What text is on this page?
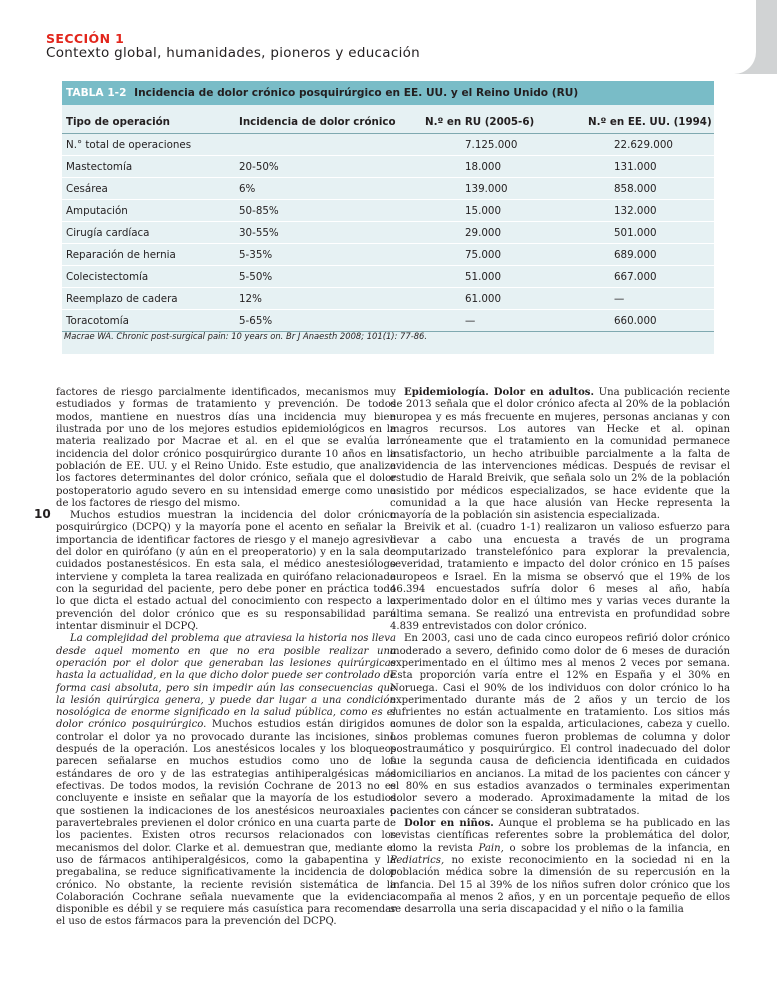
SECCIÓN 1
Contexto global, humanidades, pioneros y educación
TABLA 1-2 Incidencia de dolor crónico posquirúrgico en EE. UU. y el Reino Unido (RU)
Tipo de operación	Incidencia de dolor crónico	N.º en RU (2005-6)	N.º en EE. UU. (1994)
N.° total de operaciones		7.125.000	22.629.000
Mastectomía	20-50%	18.000	131.000
Cesárea	6%	139.000	858.000
Amputación	50-85%	15.000	132.000
Cirugía cardíaca	30-55%	29.000	501.000
Reparación de hernia	5-35%	75.000	689.000
Colecistectomía	5-50%	51.000	667.000
Reemplazo de cadera	12%	61.000	—
Toracotomía	5-65%	—	660.000
Macrae WA. Chronic post-surgical pain: 10 years on. Br J Anaesth 2008; 101(1): 77-86.
10

factores de riesgo parcialmente identificados, mecanismos muy estudiados y formas de tratamiento y prevención. De todos modos, mantiene en nuestros días una incidencia muy bien ilustrada por uno de los mejores estudios epidemiológicos en la materia realizado por Macrae et al. en el que se evalúa la incidencia del dolor crónico posquirúrgico durante 10 años en la población de EE. UU. y el Reino Unido. Este estudio, que analiza los factores determinantes del dolor crónico, señala que el dolor postoperatorio agudo severo en su intensidad emerge como uno de los factores de riesgo del mismo.

Muchos estudios muestran la incidencia del dolor crónico posquirúrgico (DCPQ) y la mayoría pone el acento en señalar la importancia de identificar factores de riesgo y el manejo agresivo del dolor en quirófano (y aún en el preoperatorio) y en la sala de cuidados postanestésicos. En esta sala, el médico anestesiólogo interviene y completa la tarea realizada en quirófano relacionada con la seguridad del paciente, pero debe poner en práctica todo lo que dicta el estado actual del conocimiento con respecto a la prevención del dolor crónico que es su responsabilidad para intentar disminuir el DCPQ.

La complejidad del problema que atraviesa la historia nos lleva desde aquel momento en que no era posible realizar una operación por el dolor que generaban las lesiones quirúrgicas hasta la actualidad, en la que dicho dolor puede ser controlado de forma casi absoluta, pero sin impedir aún las consecuencias que la lesión quirúrgica genera, y puede dar lugar a una condición nosológica de enorme significado en la salud pública, como es el dolor crónico posquirúrgico. Muchos estudios están dirigidos a controlar el dolor ya no provocado durante las incisiones, sino después de la operación. Los anestésicos locales y los bloqueos parecen señalarse en muchos estudios como uno de los estándares de oro y de las estrategias antihiperalgésicas más efectivas. De todos modos, la revisión Cochrane de 2013 no es concluyente e insiste en señalar que la mayoría de los estudios que sostienen la indicaciones de los anestésicos neuroaxiales o paravertebrales previenen el dolor crónico en una cuarta parte de los pacientes. Existen otros recursos relacionados con los mecanismos del dolor. Clarke et al. demuestran que, mediante el uso de fármacos antihiperalgésicos, como la gabapentina y la pregabalina, se reduce significativamente la incidencia de dolor crónico. No obstante, la reciente revisión sistemática de la Colaboración Cochrane señala nuevamente que la evidencia disponible es débil y se requiere más casuística para recomendar el uso de estos fármacos para la prevención del DCPQ.

Epidemiología. Dolor en adultos. Una publicación reciente de 2013 señala que el dolor crónico afecta al 20% de la población europea y es más frecuente en mujeres, personas ancianas y con magros recursos. Los autores van Hecke et al. opinan erróneamente que el tratamiento en la comunidad permanece insatisfactorio, un hecho atribuible parcialmente a la falta de evidencia de las intervenciones médicas. Después de revisar el estudio de Harald Breivik, que señala solo un 2% de la población asistido por médicos especializados, se hace evidente que la comunidad a la que hace alusión van Hecke representa la mayoría de la población sin asistencia especializada.

Breivik et al. (cuadro 1-1) realizaron un valioso esfuerzo para llevar a cabo una encuesta a través de un programa computarizado transtelefónico para explorar la prevalencia, severidad, tratamiento e impacto del dolor crónico en 15 países europeos e Israel. En la misma se observó que el 19% de los 46.394 encuestados sufría dolor 6 meses al año, había experimentado dolor en el último mes y varias veces durante la última semana. Se realizó una entrevista en profundidad sobre 4.839 entrevistados con dolor crónico.

En 2003, casi uno de cada cinco europeos refirió dolor crónico moderado a severo, definido como dolor de 6 meses de duración experimentado en el último mes al menos 2 veces por semana. Esta proporción varía entre el 12% en España y el 30% en Noruega. Casi el 90% de los individuos con dolor crónico lo ha experimentado durante más de 2 años y un tercio de los sufrientes no están actualmente en tratamiento. Los sitios más comunes de dolor son la espalda, articulaciones, cabeza y cuello. Los problemas comunes fueron problemas de columna y dolor postraumático y posquirúrgico. El control inadecuado del dolor fue la segunda causa de deficiencia identificada en cuidados domiciliarios en ancianos. La mitad de los pacientes con cáncer y el 80% en sus estadios avanzados o terminales experimentan dolor severo a moderado. Aproximadamente la mitad de los pacientes con cáncer se consideran subtratados.

Dolor en niños. Aunque el problema se ha publicado en las revistas científicas referentes sobre la problemática del dolor, como la revista Pain, o sobre los problemas de la infancia, en Pediatrics, no existe reconocimiento en la sociedad ni en la población médica sobre la dimensión de su repercusión en la infancia. Del 15 al 39% de los niños sufren dolor crónico que los acompaña al menos 2 años, y en un porcentaje pequeño de ellos se desarrolla una seria discapacidad y el niño o la familia
